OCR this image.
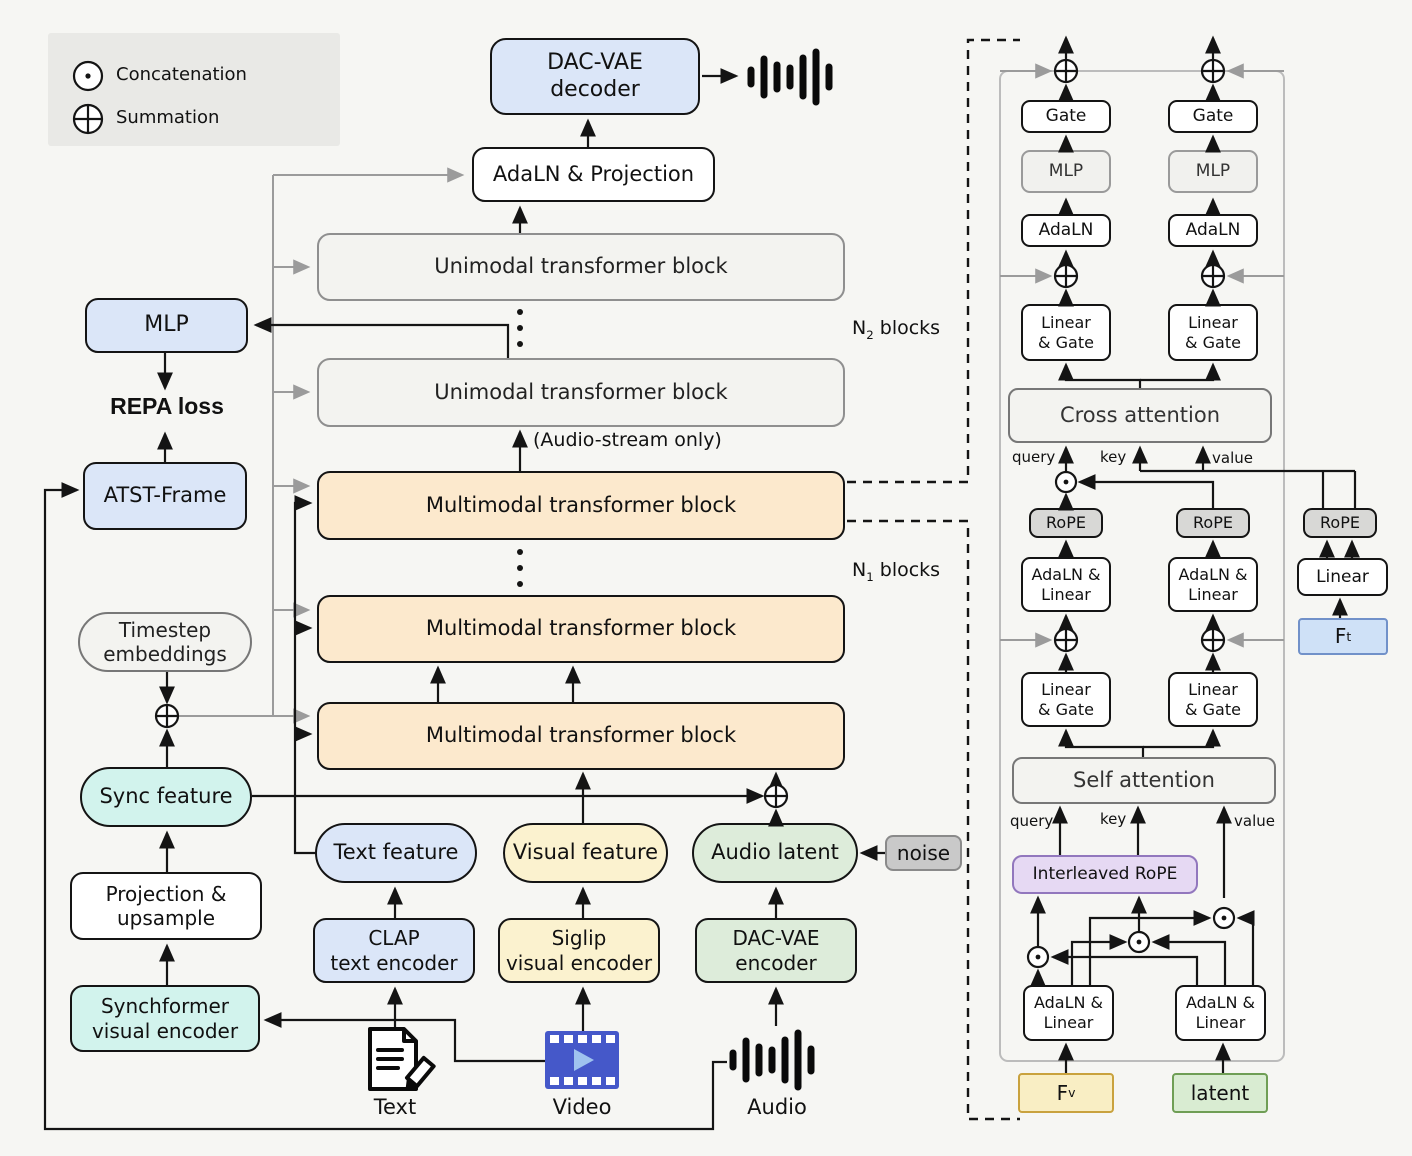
Concatenation
Summation
DAC-VAE
decoder
AdaLN & Projection
Unimodal transformer block
Unimodal transformer block
$N_2$ blocks
$N_1$ blocks
(Audio-stream only)
MLP
REPA loss
ATST-Frame	Multimodal transformer block
Multimodal transformer block
Multimodal transformer block
Timestep
embeddings
Sync feature
Text feature	Visual feature	Audio latent	noise
CLAP
text encoder
Siglip
visual encoder
DAC-VAE
encoder
Projection &
upsample
Synchformer
visual encoder
Text	Video	Audio
Gate	Gate
MLP	MLP
AdaLN	AdaLN
Linear
& Gate
Linear
& Gate
Cross attention
query	key	value
RoPE	RoPE	RoPE
AdaLN &
Linear
AdaLN &
Linear
Linear
& Gate
Linear
& Gate
Self attention
query	key	value
Interleaved RoPE
AdaLN &
Linear
AdaLN &
Linear
F v	latent
Linear
F t
